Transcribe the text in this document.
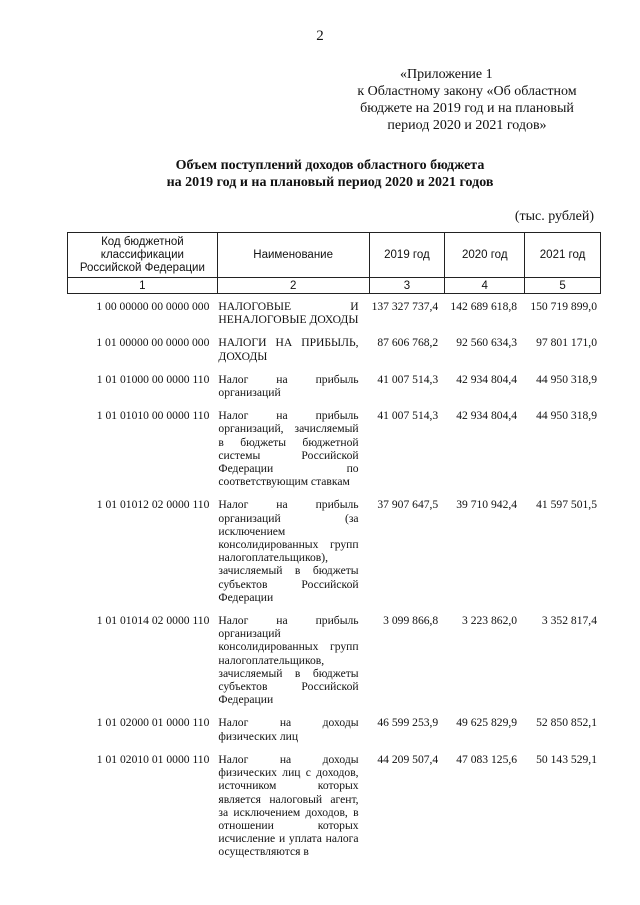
2
«Приложение 1
к Областному закону «Об областном
бюджете на 2019 год и на плановый
период 2020 и 2021 годов»
Объем поступлений доходов областного бюджета
на 2019 год и на плановый период 2020 и 2021 годов
(тыс. рублей)
Код бюджетной классификации Российской Федерации	Наименование	2019 год	2020 год	2021 год
1	2	3	4	5
1 00 00000 00 0000 000	НАЛОГОВЫЕ И НЕНАЛОГОВЫЕ ДОХОДЫ	137 327 737,4	142 689 618,8	150 719 899,0
1 01 00000 00 0000 000	НАЛОГИ НА ПРИБЫЛЬ, ДОХОДЫ	87 606 768,2	92 560 634,3	97 801 171,0
1 01 01000 00 0000 110	Налог на прибыль организаций	41 007 514,3	42 934 804,4	44 950 318,9
1 01 01010 00 0000 110	Налог на прибыль организаций, зачисляемый в бюджеты бюджетной системы Российской Федерации по соответствующим ставкам	41 007 514,3	42 934 804,4	44 950 318,9
1 01 01012 02 0000 110	Налог на прибыль организаций (за исключением консолидированных групп налогоплательщиков), зачисляемый в бюджеты субъектов Российской Федерации	37 907 647,5	39 710 942,4	41 597 501,5
1 01 01014 02 0000 110	Налог на прибыль организаций консолидированных групп налогоплательщиков, зачисляемый в бюджеты субъектов Российской Федерации	3 099 866,8	3 223 862,0	3 352 817,4
1 01 02000 01 0000 110	Налог на доходы физических лиц	46 599 253,9	49 625 829,9	52 850 852,1
1 01 02010 01 0000 110	Налог на доходы физических лиц с доходов, источником которых является налоговый агент, за исключением доходов, в отношении которых исчисление и уплата налога осуществляются в	44 209 507,4	47 083 125,6	50 143 529,1
